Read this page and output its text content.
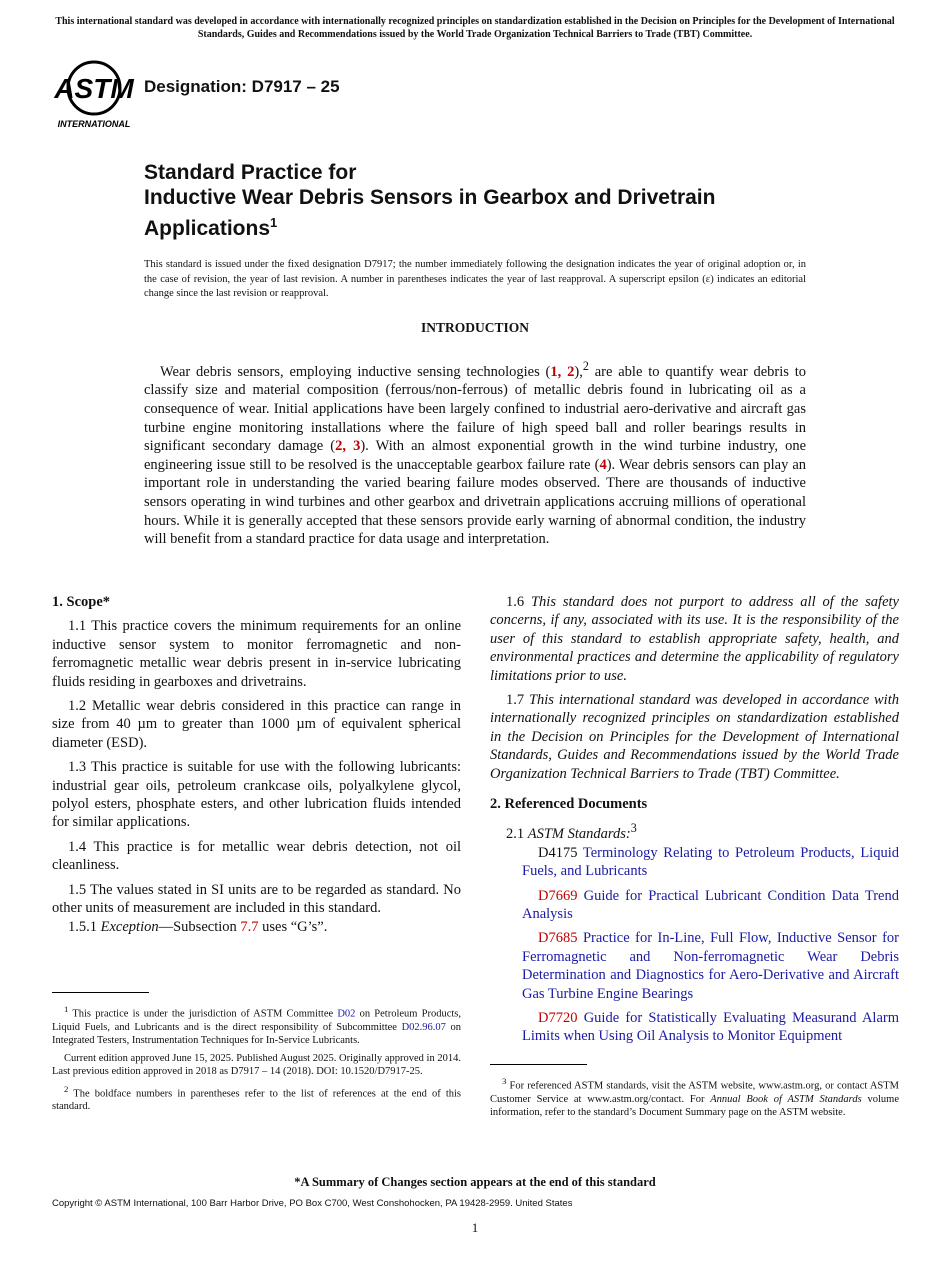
This international standard was developed in accordance with internationally recognized principles on standardization established in the Decision on Principles for the Development of International Standards, Guides and Recommendations issued by the World Trade Organization Technical Barriers to Trade (TBT) Committee.
ASTM
INTERNATIONAL
Designation: D7917 – 25
Standard Practice for
Inductive Wear Debris Sensors in Gearbox and Drivetrain
Applications$^1$
This standard is issued under the fixed designation D7917; the number immediately following the designation indicates the year of original adoption or, in the case of revision, the year of last revision. A number in parentheses indicates the year of last reapproval. A superscript epsilon (ε) indicates an editorial change since the last revision or reapproval.
INTRODUCTION
Wear debris sensors, employing inductive sensing technologies (1, 2),$^2$ are able to quantify wear debris to classify size and material composition (ferrous/non-ferrous) of metallic debris found in lubricating oil as a consequence of wear. Initial applications have been largely confined to industrial aero-derivative and aircraft gas turbine engine monitoring installations where the failure of high speed ball and roller bearings results in significant secondary damage (2, 3). With an almost exponential growth in the wind turbine industry, one engineering issue still to be resolved is the unacceptable gearbox failure rate (4). Wear debris sensors can play an important role in understanding the varied bearing failure modes observed. There are thousands of inductive sensors operating in wind turbines and other gearbox and drivetrain applications accruing millions of operational hours. While it is generally accepted that these sensors provide early warning of abnormal condition, the industry will benefit from a standard practice for data usage and interpretation.
1. Scope*

1.1 This practice covers the minimum requirements for an online inductive sensor system to monitor ferromagnetic and non-ferromagnetic metallic wear debris present in in-service lubricating fluids residing in gearboxes and drivetrains.

1.2 Metallic wear debris considered in this practice can range in size from 40 µm to greater than 1000 µm of equivalent spherical diameter (ESD).

1.3 This practice is suitable for use with the following lubricants: industrial gear oils, petroleum crankcase oils, polyalkylene glycol, polyol esters, phosphate esters, and other lubrication fluids intended for similar applications.

1.4 This practice is for metallic wear debris detection, not oil cleanliness.

1.5 The values stated in SI units are to be regarded as standard. No other units of measurement are included in this standard.

1.5.1 Exception—Subsection 7.7 uses “G’s”.

$^1$ This practice is under the jurisdiction of ASTM Committee D02 on Petroleum Products, Liquid Fuels, and Lubricants and is the direct responsibility of Subcommittee D02.96.07 on Integrated Testers, Instrumentation Techniques for In-Service Lubricants.

Current edition approved June 15, 2025. Published August 2025. Originally approved in 2014. Last previous edition approved in 2018 as D7917 – 14 (2018). DOI: 10.1520/D7917-25.

$^2$ The boldface numbers in parentheses refer to the list of references at the end of this standard.

1.6 This standard does not purport to address all of the safety concerns, if any, associated with its use. It is the responsibility of the user of this standard to establish appropriate safety, health, and environmental practices and determine the applicability of regulatory limitations prior to use.

1.7 This international standard was developed in accordance with internationally recognized principles on standardization established in the Decision on Principles for the Development of International Standards, Guides and Recommendations issued by the World Trade Organization Technical Barriers to Trade (TBT) Committee.

2. Referenced Documents

2.1 ASTM Standards:$^3$

D4175 Terminology Relating to Petroleum Products, Liquid Fuels, and Lubricants

D7669 Guide for Practical Lubricant Condition Data Trend Analysis

D7685 Practice for In-Line, Full Flow, Inductive Sensor for Ferromagnetic and Non-ferromagnetic Wear Debris Determination and Diagnostics for Aero-Derivative and Aircraft Gas Turbine Engine Bearings

D7720 Guide for Statistically Evaluating Measurand Alarm Limits when Using Oil Analysis to Monitor Equipment

$^3$ For referenced ASTM standards, visit the ASTM website, www.astm.org, or contact ASTM Customer Service at www.astm.org/contact. For Annual Book of ASTM Standards volume information, refer to the standard’s Document Summary page on the ASTM website.

*A Summary of Changes section appears at the end of this standard
Copyright © ASTM International, 100 Barr Harbor Drive, PO Box C700, West Conshohocken, PA 19428-2959. United States
1
